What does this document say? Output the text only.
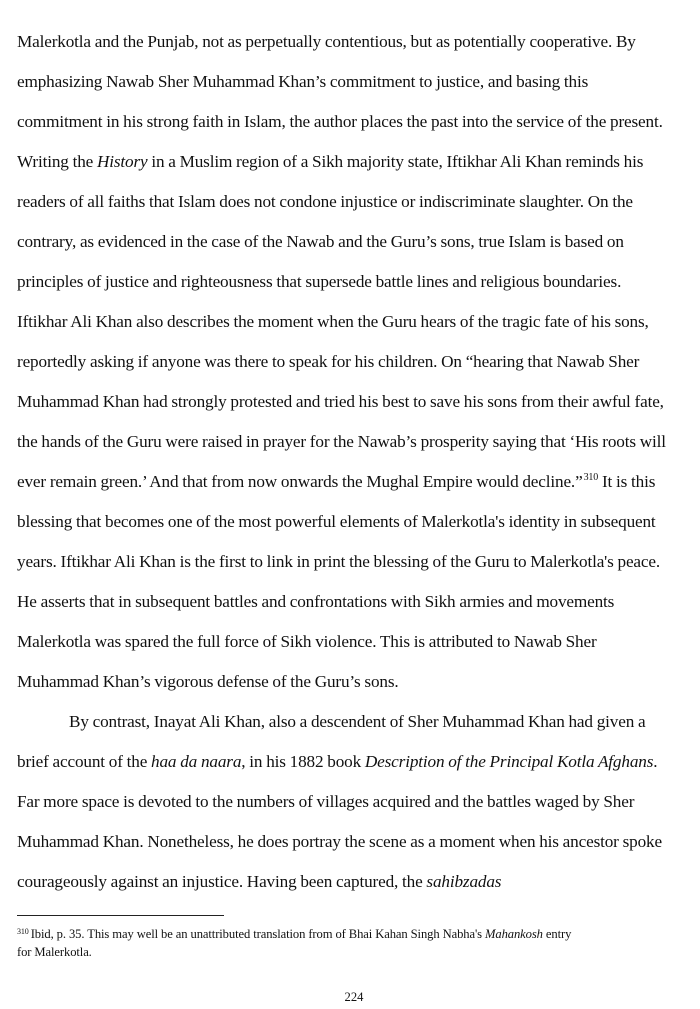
Malerkotla and the Punjab, not as perpetually contentious, but as potentially cooperative. By
emphasizing Nawab Sher Muhammad Khan’s commitment to justice, and basing this
commitment in his strong faith in Islam, the author places the past into the service of the present.
Writing the History in a Muslim region of a Sikh majority state, Iftikhar Ali Khan reminds his
readers of all faiths that Islam does not condone injustice or indiscriminate slaughter. On the
contrary, as evidenced in the case of the Nawab and the Guru’s sons, true Islam is based on
principles of justice and righteousness that supersede battle lines and religious boundaries.
Iftikhar Ali Khan also describes the moment when the Guru hears of the tragic fate of his sons,
reportedly asking if anyone was there to speak for his children. On “hearing that Nawab Sher
Muhammad Khan had strongly protested and tried his best to save his sons from their awful fate,
the hands of the Guru were raised in prayer for the Nawab’s prosperity saying that ‘His roots will
ever remain green.’ And that from now onwards the Mughal Empire would decline.”$^{310}$ It is this
blessing that becomes one of the most powerful elements of Malerkotla's identity in subsequent
years. Iftikhar Ali Khan is the first to link in print the blessing of the Guru to Malerkotla's peace.
He asserts that in subsequent battles and confrontations with Sikh armies and movements
Malerkotla was spared the full force of Sikh violence. This is attributed to Nawab Sher
Muhammad Khan’s vigorous defense of the Guru’s sons.
By contrast, Inayat Ali Khan, also a descendent of Sher Muhammad Khan had given a
brief account of the haa da naara, in his 1882 book Description of the Principal Kotla Afghans.
Far more space is devoted to the numbers of villages acquired and the battles waged by Sher
Muhammad Khan. Nonetheless, he does portray the scene as a moment when his ancestor spoke
courageously against an injustice. Having been captured, the sahibzadas
$^{310}$ Ibid, p. 35. This may well be an unattributed translation from of Bhai Kahan Singh Nabha's Mahankosh entry
for Malerkotla.
224
